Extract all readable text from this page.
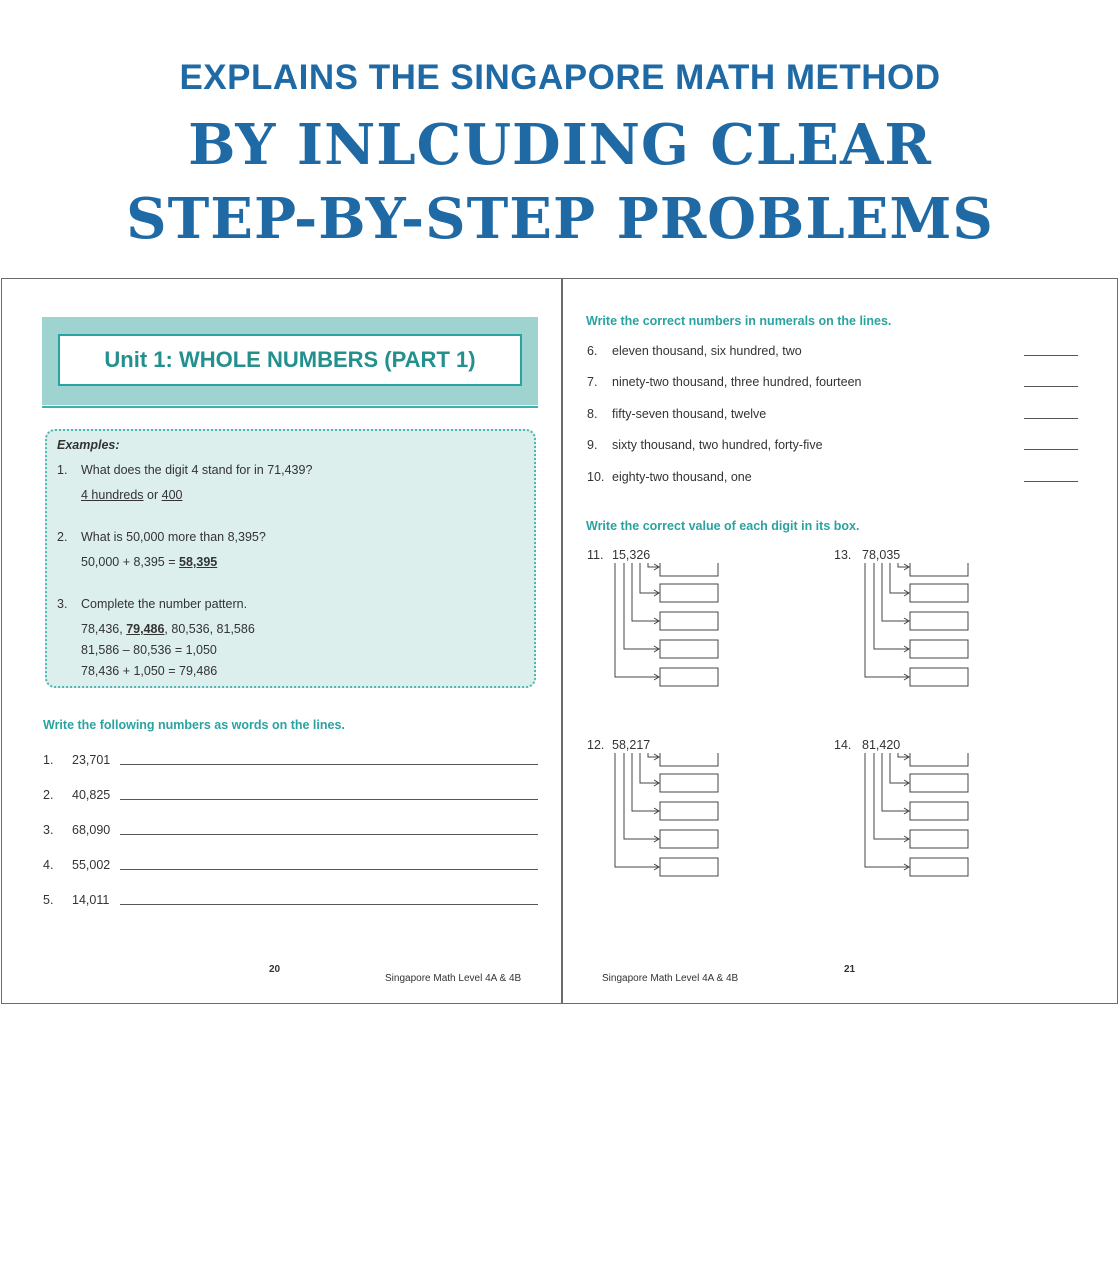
EXPLAINS THE SINGAPORE MATH METHOD
BY INLCUDING CLEAR
STEP-BY-STEP PROBLEMS
Unit 1: WHOLE NUMBERS (PART 1)
Examples:
1. What does the digit 4 stand for in 71,439?
4 hundreds or 400
2. What is 50,000 more than 8,395?
50,000 + 8,395 = 58,395
3. Complete the number pattern.
78,436, 79,486, 80,536, 81,586
81,586 – 80,536 = 1,050
78,436 + 1,050 = 79,486
Write the following numbers as words on the lines.
1. 23,701
2. 40,825
3. 68,090
4. 55,002
5. 14,011
20
Singapore Math Level 4A & 4B
Write the correct numbers in numerals on the lines.
6. eleven thousand, six hundred, two
7. ninety-two thousand, three hundred, fourteen
8. fifty-seven thousand, twelve
9. sixty thousand, two hundred, forty-five
10. eighty-two thousand, one
Write the correct value of each digit in its box.
11. 15,326	13. 78,035
12. 58,217	14. 81,420
Singapore Math Level 4A & 4B
21
